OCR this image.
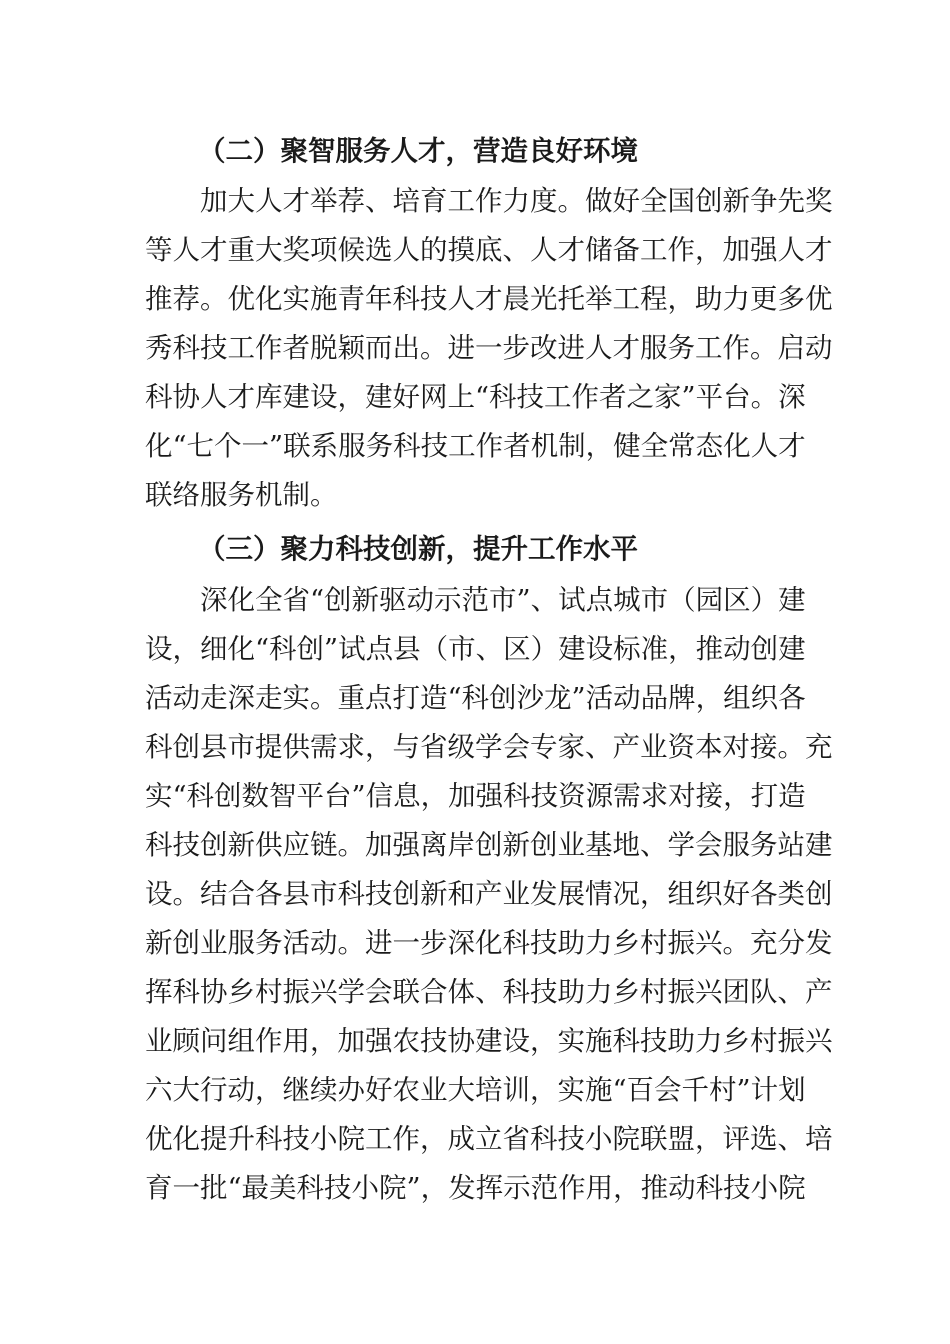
（二）聚智服务人才，营造良好环境
　　加大人才举荐、培育工作力度。做好全国创新争先奖
等人才重大奖项候选人的摸底、人才储备工作，加强人才
推荐。优化实施青年科技人才晨光托举工程，助力更多优
秀科技工作者脱颖而出。进一步改进人才服务工作。启动
科协人才库建设，建好网上“科技工作者之家”平台。深
化“七个一”联系服务科技工作者机制，健全常态化人才
联络服务机制。
（三）聚力科技创新，提升工作水平
　　深化全省“创新驱动示范市”、试点城市（园区）建
设，细化“科创”试点县（市、区）建设标准，推动创建
活动走深走实。重点打造“科创沙龙”活动品牌，组织各
科创县市提供需求，与省级学会专家、产业资本对接。充
实“科创数智平台”信息，加强科技资源需求对接，打造
科技创新供应链。加强离岸创新创业基地、学会服务站建
设。结合各县市科技创新和产业发展情况，组织好各类创
新创业服务活动。进一步深化科技助力乡村振兴。充分发
挥科协乡村振兴学会联合体、科技助力乡村振兴团队、产
业顾问组作用，加强农技协建设，实施科技助力乡村振兴
六大行动，继续办好农业大培训，实施“百会千村”计划
优化提升科技小院工作，成立省科技小院联盟，评选、培
育一批“最美科技小院”，发挥示范作用，推动科技小院
